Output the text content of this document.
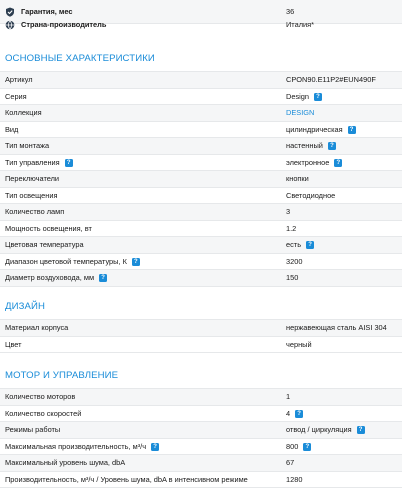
Гарантия, мес	36
Страна-производитель	Италия*
ОСНОВНЫЕ ХАРАКТЕРИСТИКИ
Артикул	CPON90.E11P2#EUN490F
Серия	Design	?
Коллекция	DESIGN
Вид	цилиндрическая	?
Тип монтажа	настенный	?
Тип управления	?	электронное	?
Переключатели	кнопки
Тип освещения	Светодиодное
Количество ламп	3
Мощность освещения, вт	1.2
Цветовая температура	есть	?
Диапазон цветовой температуры, К	?	3200
Диаметр воздуховода, мм	?	150
ДИЗАЙН
Материал корпуса	нержавеющая сталь AISI 304
Цвет	черный
МОТОР И УПРАВЛЕНИЕ
Количество моторов	1
Количество скоростей	4	?
Режимы работы	отвод / циркуляция	?
Максимальная производительность, м³/ч	?	800	?
Максимальный уровень шума, dbA	67
Производительность, м³/ч / Уровень шума, dbA в интенсивном режиме	1280
